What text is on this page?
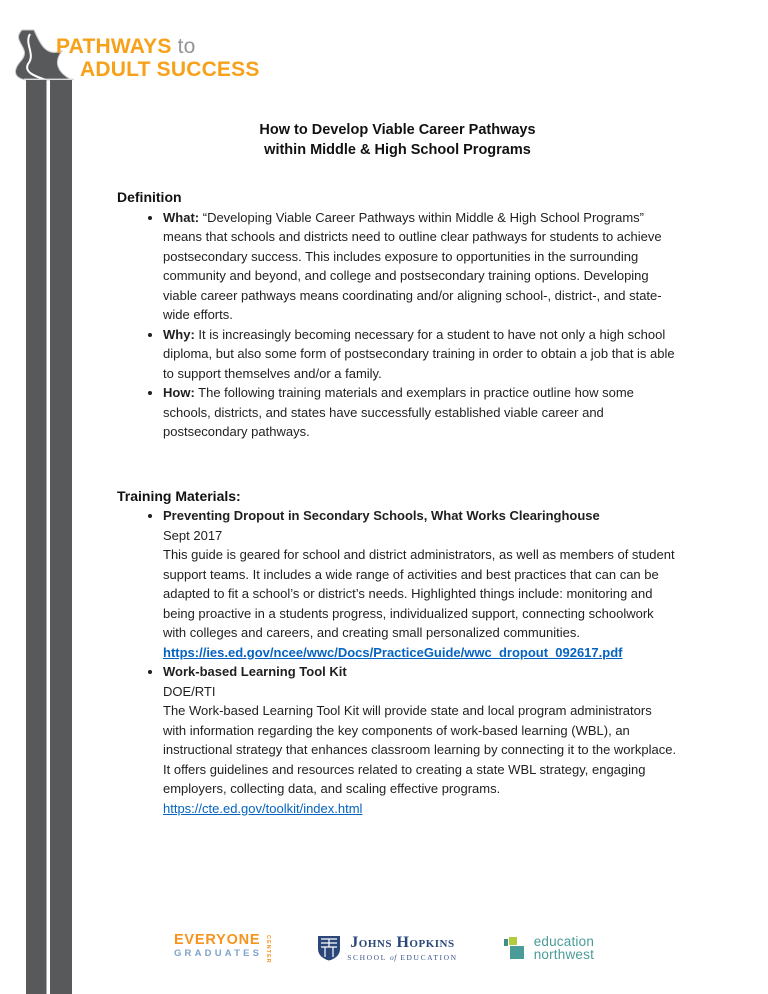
PATHWAYS to
ADULT SUCCESS
How to Develop Viable Career Pathways
within Middle & High School Programs
Definition
• What: “Developing Viable Career Pathways within Middle & High School Programs” means that schools and districts need to outline clear pathways for students to achieve postsecondary success. This includes exposure to opportunities in the surrounding community and beyond, and college and postsecondary training options. Developing viable career pathways means coordinating and/or aligning school-, district-, and state-wide efforts.
• Why: It is increasingly becoming necessary for a student to have not only a high school diploma, but also some form of postsecondary training in order to obtain a job that is able to support themselves and/or a family.
• How: The following training materials and exemplars in practice outline how some schools, districts, and states have successfully established viable career and postsecondary pathways.
Training Materials:
• Preventing Dropout in Secondary Schools, What Works Clearinghouse
Sept 2017
This guide is geared for school and district administrators, as well as members of student support teams. It includes a wide range of activities and best practices that can can be adapted to fit a school’s or district’s needs. Highlighted things include: monitoring and being proactive in a students progress, individualized support, connecting schoolwork with colleges and careers, and creating small personalized communities.
https://ies.ed.gov/ncee/wwc/Docs/PracticeGuide/wwc_dropout_092617.pdf
• Work-based Learning Tool Kit
DOE/RTI
The Work-based Learning Tool Kit will provide state and local program administrators with information regarding the key components of work-based learning (WBL), an instructional strategy that enhances classroom learning by connecting it to the workplace. It offers guidelines and resources related to creating a state WBL strategy, engaging employers, collecting data, and scaling effective programs.
https://cte.ed.gov/toolkit/index.html
EVERYONE
GRADUATES CENTER	Johns Hopkins
SCHOOL of EDUCATION
education
northwest
